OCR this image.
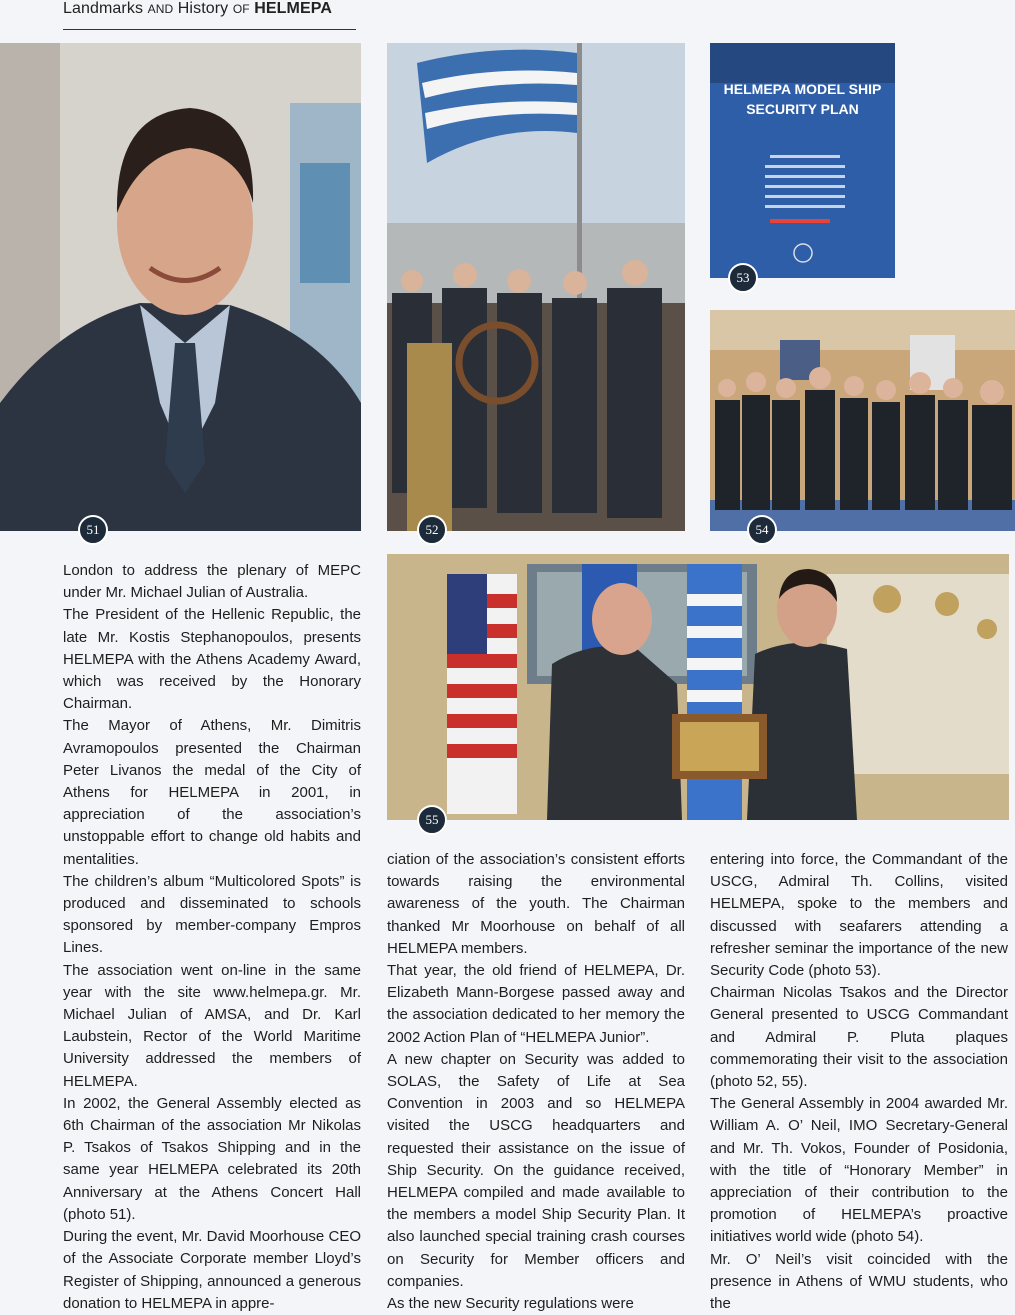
Landmarks AND History OF HELMEPA
51	52
HELMEPA MODEL SHIP
SECURITY PLAN
53
54
55

London to address the plenary of MEPC under Mr. Michael Julian of Australia.

The President of the Hellenic Republic, the late Mr. Kostis Stephanopoulos, presents HELMEPA with the Athens Academy Award, which was received by the Honorary Chairman.

The Mayor of Athens, Mr. Dimitris Avramopoulos presented the Chairman Peter Livanos the medal of the City of Athens for HELMEPA in 2001, in appreciation of the association’s unstoppable effort to change old habits and mentalities.

The children’s album “Multicolored Spots” is produced and disseminated to schools sponsored by member-company Empros Lines.

The association went on-line in the same year with the site www.helmepa.gr. Mr. Michael Julian of AMSA, and Dr. Karl Laubstein, Rector of the World Maritime University addressed the members of HELMEPA.

In 2002, the General Assembly elected as 6th Chairman of the association Mr Nikolas P. Tsakos of Tsakos Shipping and in the same year HELMEPA celebrated its 20th Anniversary at the Athens Concert Hall (photo 51).

During the event, Mr. David Moorhouse CEO of the Associate Corporate member Lloyd’s Register of Shipping, announced a generous donation to HELMEPA in appre-

ciation of the association’s consistent efforts towards raising the environmental awareness of the youth. The Chairman thanked Mr Moorhouse on behalf of all HELMEPA members.

That year, the old friend of HELMEPA, Dr. Elizabeth Mann-Borgese passed away and the association dedicated to her memory the 2002 Action Plan of “HELMEPA Junior”.

A new chapter on Security was added to SOLAS, the Safety of Life at Sea Convention in 2003 and so HELMEPA visited the USCG headquarters and requested their assistance on the issue of Ship Security. On the guidance received, HELMEPA compiled and made available to the members a model Ship Security Plan. It also launched special training crash courses on Security for Member officers and companies.

As the new Security regulations were

entering into force, the Commandant of the USCG, Admiral Th. Collins, visited HELMEPA, spoke to the members and discussed with seafarers attending a refresher seminar the importance of the new Security Code (photo 53).

Chairman Nicolas Tsakos and the Director General presented to USCG Commandant and Admiral P. Pluta plaques commemorating their visit to the association (photo 52, 55).

The General Assembly in 2004 awarded Mr. William A. O’ Neil, IMO Secretary-General and Mr. Th. Vokos, Founder of Posidonia, with the title of “Honorary Member” in appreciation of their contribution to the promotion of HELMEPA’s proactive initiatives world wide (photo 54).

Mr. O’ Neil’s visit coincided with the presence in Athens of WMU students, who the
